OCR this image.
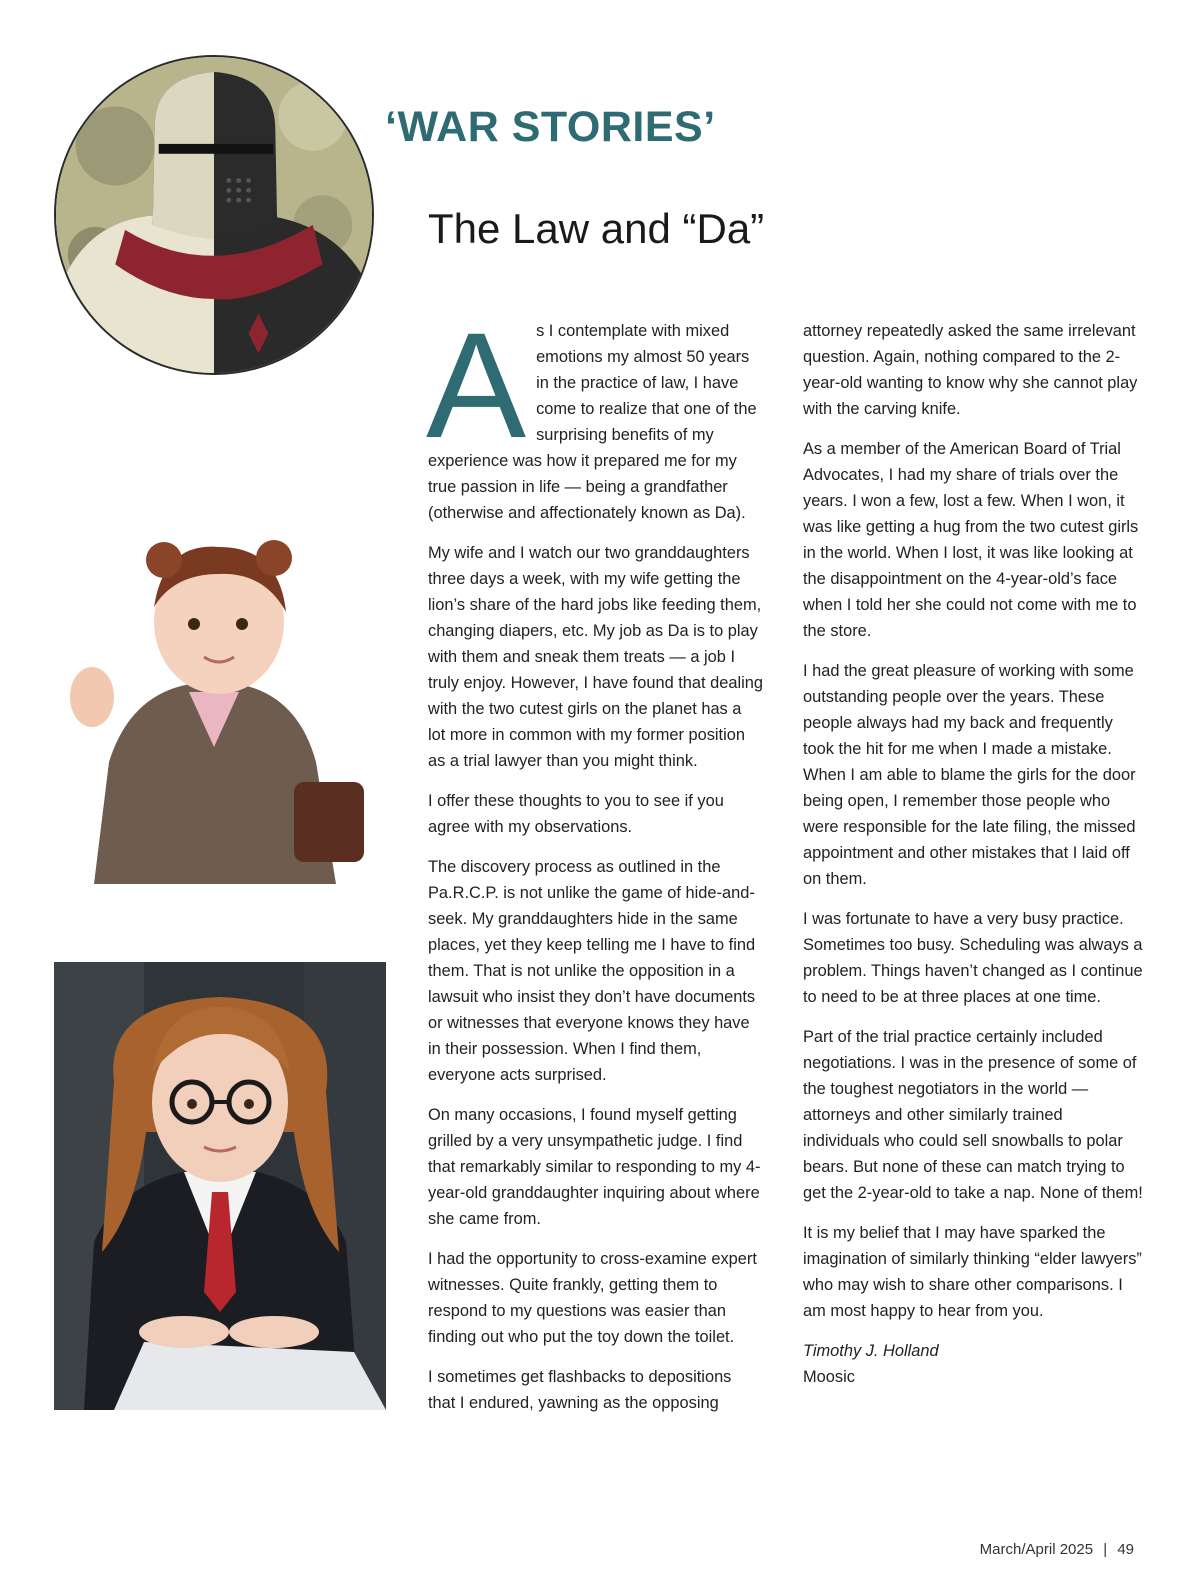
‘WAR STORIES’
The Law and “Da”

As I contemplate with mixed emotions my almost 50 years in the practice of law, I have come to realize that one of the surprising benefits of my experience was how it prepared me for my true passion in life — being a grandfather (otherwise and affectionately known as Da).

My wife and I watch our two granddaughters three days a week, with my wife getting the lion’s share of the hard jobs like feeding them, changing diapers, etc. My job as Da is to play with them and sneak them treats — a job I truly enjoy. However, I have found that dealing with the two cutest girls on the planet has a lot more in common with my former position as a trial lawyer than you might think.

I offer these thoughts to you to see if you agree with my observations.

The discovery process as outlined in the Pa.R.C.P. is not unlike the game of hide-and-seek. My granddaughters hide in the same places, yet they keep telling me I have to find them. That is not unlike the opposition in a lawsuit who insist they don’t have documents or witnesses that everyone knows they have in their possession. When I find them, everyone acts surprised.

On many occasions, I found myself getting grilled by a very unsympathetic judge. I find that remarkably similar to responding to my 4-year-old granddaughter inquiring about where she came from.

I had the opportunity to cross-examine expert witnesses. Quite frankly, getting them to respond to my questions was easier than finding out who put the toy down the toilet.

I sometimes get flashbacks to depositions that I endured, yawning as the opposing

attorney repeatedly asked the same irrelevant question. Again, nothing compared to the 2-year-old wanting to know why she cannot play with the carving knife.

As a member of the American Board of Trial Advocates, I had my share of trials over the years. I won a few, lost a few. When I won, it was like getting a hug from the two cutest girls in the world. When I lost, it was like looking at the disappointment on the 4-year-old’s face when I told her she could not come with me to the store.

I had the great pleasure of working with some outstanding people over the years. These people always had my back and frequently took the hit for me when I made a mistake. When I am able to blame the girls for the door being open, I remember those people who were responsible for the late filing, the missed appointment and other mistakes that I laid off on them.

I was fortunate to have a very busy practice. Sometimes too busy. Scheduling was always a problem. Things haven’t changed as I continue to need to be at three places at one time.

Part of the trial practice certainly included negotiations. I was in the presence of some of the toughest negotiators in the world — attorneys and other similarly trained individuals who could sell snowballs to polar bears. But none of these can match trying to get the 2-year-old to take a nap. None of them!

It is my belief that I may have sparked the imagination of similarly thinking “elder lawyers” who may wish to share other comparisons. I am most happy to hear from you.

Timothy J. Holland
Moosic

March/April 2025 | 49
